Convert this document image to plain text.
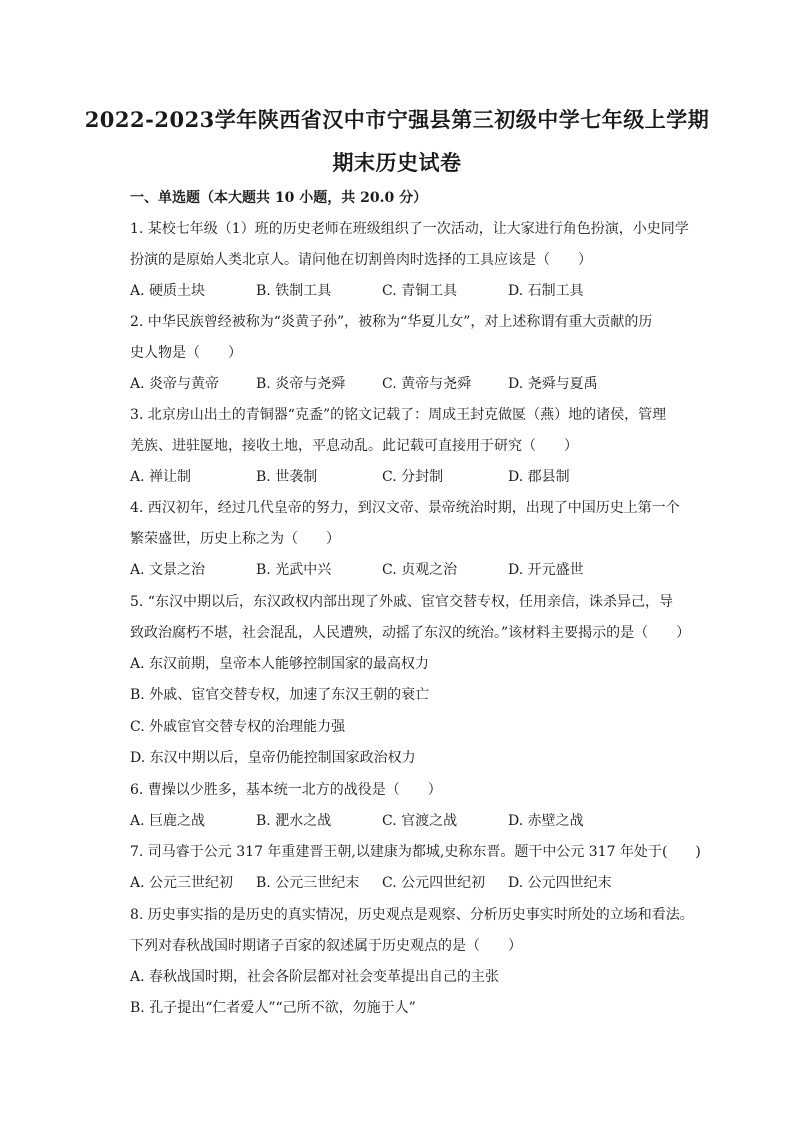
2022-2023学年陕西省汉中市宁强县第三初级中学七年级上学期
期末历史试卷
一、单选题（本大题共 10 小题，共 20.0 分）
1. 某校七年级（1）班的历史老师在班级组织了一次活动，让大家进行角色扮演，小史同学
扮演的是原始人类北京人。请问他在切割兽肉时选择的工具应该是（　　）
A. 硬质土块	B. 铁制工具	C. 青铜工具	D. 石制工具
2. 中华民族曾经被称为“炎黄子孙”，被称为“华夏儿女”，对上述称谓有重大贡献的历
史人物是（　　）
A. 炎帝与黄帝	B. 炎帝与尧舜	C. 黄帝与尧舜	D. 尧舜与夏禹
3. 北京房山出土的青铜器“克盉”的铭文记载了：周成王封克做匽（燕）地的诸侯，管理
羌族、进驻匽地，接收土地，平息动乱。此记载可直接用于研究（　　）
A. 禅让制	B. 世袭制	C. 分封制	D. 郡县制
4. 西汉初年，经过几代皇帝的努力，到汉文帝、景帝统治时期，出现了中国历史上第一个
繁荣盛世，历史上称之为（　　）
A. 文景之治	B. 光武中兴	C. 贞观之治	D. 开元盛世
5. “东汉中期以后，东汉政权内部出现了外戚、宦官交替专权，任用亲信，诛杀异己，导
致政治腐朽不堪，社会混乱，人民遭殃，动摇了东汉的统治。”该材料主要揭示的是（　　）
A. 东汉前期，皇帝本人能够控制国家的最高权力
B. 外戚、宦官交替专权，加速了东汉王朝的衰亡
C. 外戚宦官交替专权的治理能力强
D. 东汉中期以后，皇帝仍能控制国家政治权力
6. 曹操以少胜多，基本统一北方的战役是（　　）
A. 巨鹿之战	B. 淝水之战	C. 官渡之战	D. 赤壁之战
7. 司马睿于公元 317 年重建晋王朝,以建康为都城,史称东晋。题干中公元 317 年处于(　　)
A. 公元三世纪初 B. 公元三世纪末 C. 公元四世纪初 D. 公元四世纪末
8. 历史事实指的是历史的真实情况，历史观点是观察、分析历史事实时所处的立场和看法。
下列对春秋战国时期诸子百家的叙述属于历史观点的是（　　）
A. 春秋战国时期，社会各阶层都对社会变革提出自己的主张
B. 孔子提出“仁者爱人”“己所不欲，勿施于人”
